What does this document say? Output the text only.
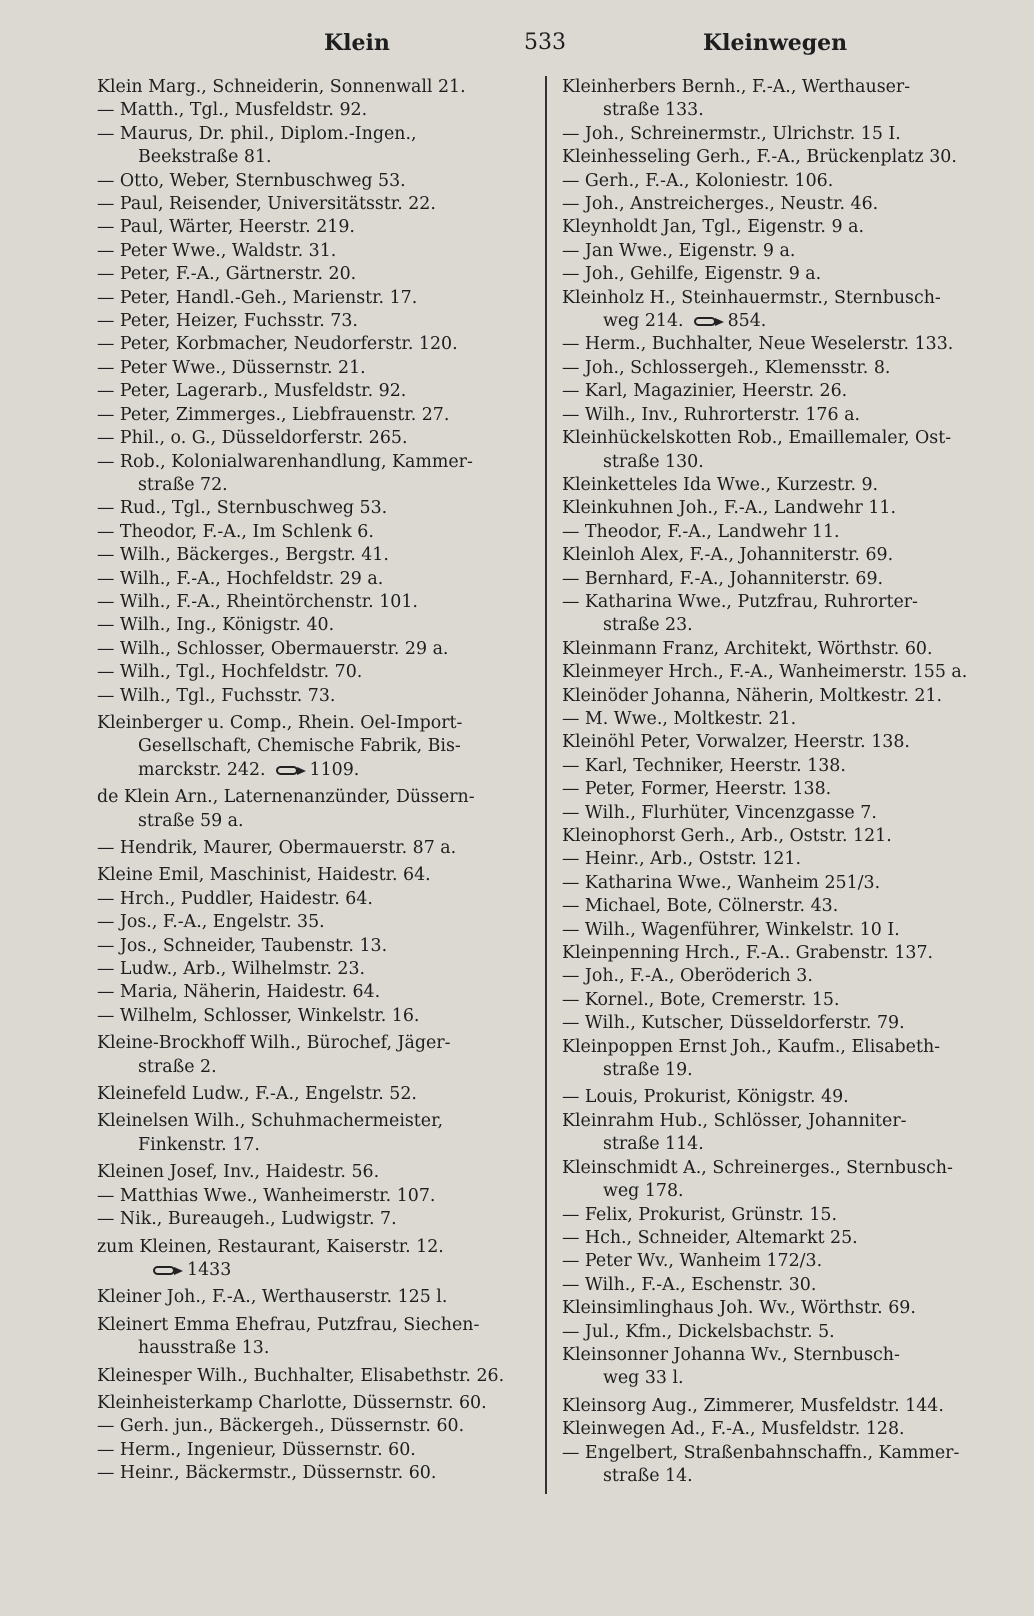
Klein	533	Kleinwegen
Klein Marg., Schneiderin, Sonnenwall 21.
— Matth., Tgl., Musfeldstr. 92.
— Maurus, Dr. phil., Diplom.-Ingen.,
Beekstraße 81.
— Otto, Weber, Sternbuschweg 53.
— Paul, Reisender, Universitätsstr. 22.
— Paul, Wärter, Heerstr. 219.
— Peter Wwe., Waldstr. 31.
— Peter, F.-A., Gärtnerstr. 20.
— Peter, Handl.-Geh., Marienstr. 17.
— Peter, Heizer, Fuchsstr. 73.
— Peter, Korbmacher, Neudorferstr. 120.
— Peter Wwe., Düssernstr. 21.
— Peter, Lagerarb., Musfeldstr. 92.
— Peter, Zimmerges., Liebfrauenstr. 27.
— Phil., o. G., Düsseldorferstr. 265.
— Rob., Kolonialwarenhandlung, Kammer-
straße 72.
— Rud., Tgl., Sternbuschweg 53.
— Theodor, F.-A., Im Schlenk 6.
— Wilh., Bäckerges., Bergstr. 41.
— Wilh., F.-A., Hochfeldstr. 29 a.
— Wilh., F.-A., Rheintörchenstr. 101.
— Wilh., Ing., Königstr. 40.
— Wilh., Schlosser, Obermauerstr. 29 a.
— Wilh., Tgl., Hochfeldstr. 70.
— Wilh., Tgl., Fuchsstr. 73.
Kleinberger u. Comp., Rhein. Oel-Import-
Gesellschaft, Chemische Fabrik, Bis-
marckstr. 242.	1109.
de Klein Arn., Laternenanzünder, Düssern-
straße 59 a.
— Hendrik, Maurer, Obermauerstr. 87 a.
Kleine Emil, Maschinist, Haidestr. 64.
— Hrch., Puddler, Haidestr. 64.
— Jos., F.-A., Engelstr. 35.
— Jos., Schneider, Taubenstr. 13.
— Ludw., Arb., Wilhelmstr. 23.
— Maria, Näherin, Haidestr. 64.
— Wilhelm, Schlosser, Winkelstr. 16.
Kleine-Brockhoff Wilh., Bürochef, Jäger-
straße 2.
Kleinefeld Ludw., F.-A., Engelstr. 52.
Kleinelsen Wilh., Schuhmachermeister,
Finkenstr. 17.
Kleinen Josef, Inv., Haidestr. 56.
— Matthias Wwe., Wanheimerstr. 107.
— Nik., Bureaugeh., Ludwigstr. 7.
zum Kleinen, Restaurant, Kaiserstr. 12.
1433
Kleiner Joh., F.-A., Werthauserstr. 125 l.
Kleinert Emma Ehefrau, Putzfrau, Siechen-
hausstraße 13.
Kleinesper Wilh., Buchhalter, Elisabethstr. 26.
Kleinheisterkamp Charlotte, Düssernstr. 60.
— Gerh. jun., Bäckergeh., Düssernstr. 60.
— Herm., Ingenieur, Düssernstr. 60.
— Heinr., Bäckermstr., Düssernstr. 60.
Kleinherbers Bernh., F.-A., Werthauser-
straße 133.
— Joh., Schreinermstr., Ulrichstr. 15 I.
Kleinhesseling Gerh., F.-A., Brückenplatz 30.
— Gerh., F.-A., Koloniestr. 106.
— Joh., Anstreicherges., Neustr. 46.
Kleynholdt Jan, Tgl., Eigenstr. 9 a.
— Jan Wwe., Eigenstr. 9 a.
— Joh., Gehilfe, Eigenstr. 9 a.
Kleinholz H., Steinhauermstr., Sternbusch-
weg 214.	854.
— Herm., Buchhalter, Neue Weselerstr. 133.
— Joh., Schlossergeh., Klemensstr. 8.
— Karl, Magazinier, Heerstr. 26.
— Wilh., Inv., Ruhrorterstr. 176 a.
Kleinhückelskotten Rob., Emaillemaler, Ost-
straße 130.
Kleinketteles Ida Wwe., Kurzestr. 9.
Kleinkuhnen Joh., F.-A., Landwehr 11.
— Theodor, F.-A., Landwehr 11.
Kleinloh Alex, F.-A., Johanniterstr. 69.
— Bernhard, F.-A., Johanniterstr. 69.
— Katharina Wwe., Putzfrau, Ruhrorter-
straße 23.
Kleinmann Franz, Architekt, Wörthstr. 60.
Kleinmeyer Hrch., F.-A., Wanheimerstr. 155 a.
Kleinöder Johanna, Näherin, Moltkestr. 21.
— M. Wwe., Moltkestr. 21.
Kleinöhl Peter, Vorwalzer, Heerstr. 138.
— Karl, Techniker, Heerstr. 138.
— Peter, Former, Heerstr. 138.
— Wilh., Flurhüter, Vincenzgasse 7.
Kleinophorst Gerh., Arb., Oststr. 121.
— Heinr., Arb., Oststr. 121.
— Katharina Wwe., Wanheim 251/3.
— Michael, Bote, Cölnerstr. 43.
— Wilh., Wagenführer, Winkelstr. 10 I.
Kleinpenning Hrch., F.-A.. Grabenstr. 137.
— Joh., F.-A., Oberöderich 3.
— Kornel., Bote, Cremerstr. 15.
— Wilh., Kutscher, Düsseldorferstr. 79.
Kleinpoppen Ernst Joh., Kaufm., Elisabeth-
straße 19.
— Louis, Prokurist, Königstr. 49.
Kleinrahm Hub., Schlösser, Johanniter-
straße 114.
Kleinschmidt A., Schreinerges., Sternbusch-
weg 178.
— Felix, Prokurist, Grünstr. 15.
— Hch., Schneider, Altemarkt 25.
— Peter Wv., Wanheim 172/3.
— Wilh., F.-A., Eschenstr. 30.
Kleinsimlinghaus Joh. Wv., Wörthstr. 69.
— Jul., Kfm., Dickelsbachstr. 5.
Kleinsonner Johanna Wv., Sternbusch-
weg 33 l.
Kleinsorg Aug., Zimmerer, Musfeldstr. 144.
Kleinwegen Ad., F.-A., Musfeldstr. 128.
— Engelbert, Straßenbahnschaffn., Kammer-
straße 14.
